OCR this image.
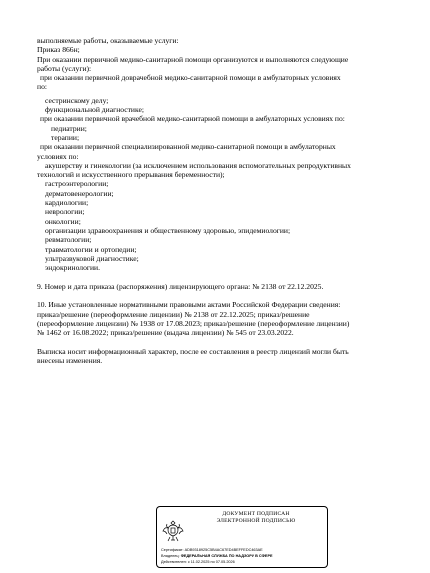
выполняемые работы, оказываемые услуги:
Приказ 866н;
При оказании первичной медико-санитарной помощи организуются и выполняются следующие
работы (услуги):
при оказании первичной доврачебной медико-санитарной помощи в амбулаторных условиях
по:
сестринскому делу;
функциональной диагностике;
при оказании первичной врачебной медико-санитарной помощи в амбулаторных условиях по:
педиатрии;
терапии;
при оказании первичной специализированной медико-санитарной помощи в амбулаторных
условиях по:
акушерству и гинекологии (за исключением использования вспомогательных репродуктивных
технологий и искусственного прерывания беременности);
гастроэнтерологии;
дерматовенерологии;
кардиологии;
неврологии;
онкологии;
организации здравоохранения и общественному здоровью, эпидемиологии;
ревматологии;
травматологии и ортопедии;
ультразвуковой диагностике;
эндокринологии.
9. Номер и дата приказа (распоряжения) лицензирующего органа: № 2138 от 22.12.2025.
10. Иные установленные нормативными правовыми актами Российской Федерации сведения:
приказ/решение (переоформление лицензии) № 2138 от 22.12.2025; приказ/решение
(переоформление лицензии) № 1938 от 17.08.2023; приказ/решение (переоформление лицензии)
№ 1462 от 16.08.2022; приказ/решение (выдача лицензии) № 545 от 23.03.2022.
Выписка носит информационный характер, после ее составления в реестр лицензий могли быть
внесены изменения.
ДОКУМЕНТ ПОДПИСАН
ЭЛЕКТРОННОЙ ПОДПИСЬЮ
Сертификат: ADB9318925C5B4AC67ED4BEFFEDC463AE
Владелец: ФЕДЕРАЛЬНАЯ СЛУЖБА ПО НАДЗОРУ В СФЕРЕ
Действителен: с 11.02.2025 по 07.05.2026
